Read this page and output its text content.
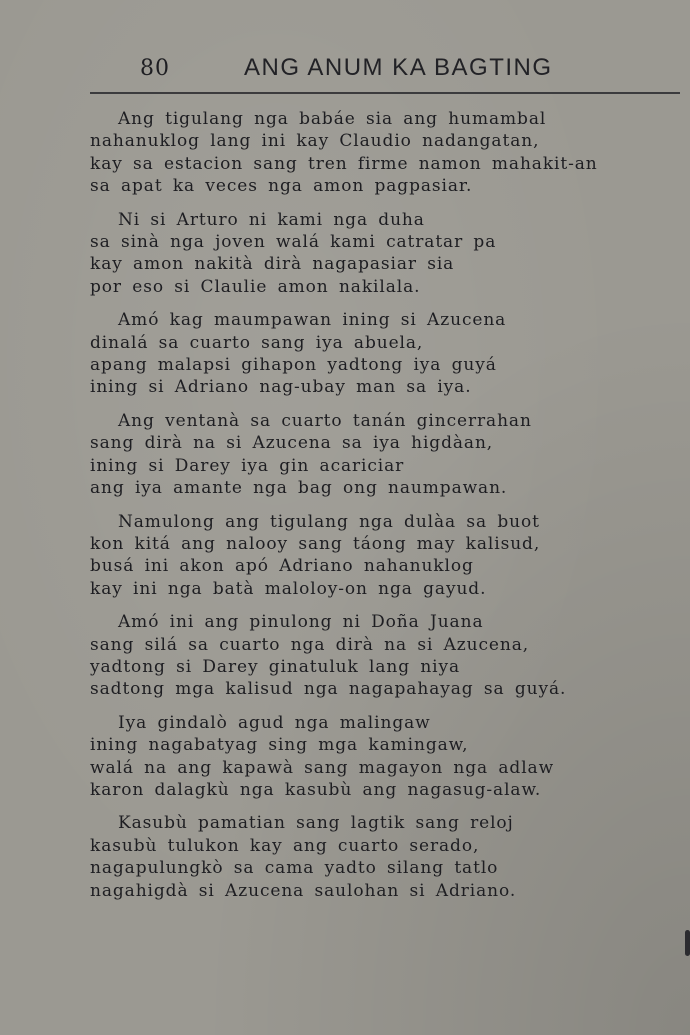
80	ANG ANUM KA BAGTING

Ang tigulang nga babáe sia ang humambal
nahanuklog lang ini kay Claudio nadangatan,
kay sa estacion sang tren firme namon mahakit-an
sa apat ka veces nga amon pagpasiar.

Ni si Arturo ni kami nga duha
sa sinà nga joven walá kami catratar pa
kay amon nakità dirà nagapasiar sia
por eso si Claulie amon nakilala.

Amó kag maumpawan ining si Azucena
dinalá sa cuarto sang iya abuela,
apang malapsi gihapon yadtong iya guyá
ining si Adriano nag-ubay man sa iya.

Ang ventanà sa cuarto tanán gincerrahan
sang dirà na si Azucena sa iya higdàan,
ining si Darey iya gin acariciar
ang iya amante nga bag ong naumpawan.

Namulong ang tigulang nga dulàa sa buot
kon kitá ang nalooy sang táong may kalisud,
busá ini akon apó Adriano nahanuklog
kay ini nga batà maloloy-on nga gayud.

Amó ini ang pinulong ni Doña Juana
sang silá sa cuarto nga dirà na si Azucena,
yadtong si Darey ginatuluk lang niya
sadtong mga kalisud nga nagapahayag sa guyá.

Iya gindalò agud nga malingaw
ining nagabatyag sing mga kamingaw,
walá na ang kapawà sang magayon nga adlaw
karon dalagkù nga kasubù ang nagasug-alaw.

Kasubù pamatian sang lagtik sang reloj
kasubù tulukon kay ang cuarto serado,
nagapulungkò sa cama yadto silang tatlo
nagahigdà si Azucena saulohan si Adriano.
